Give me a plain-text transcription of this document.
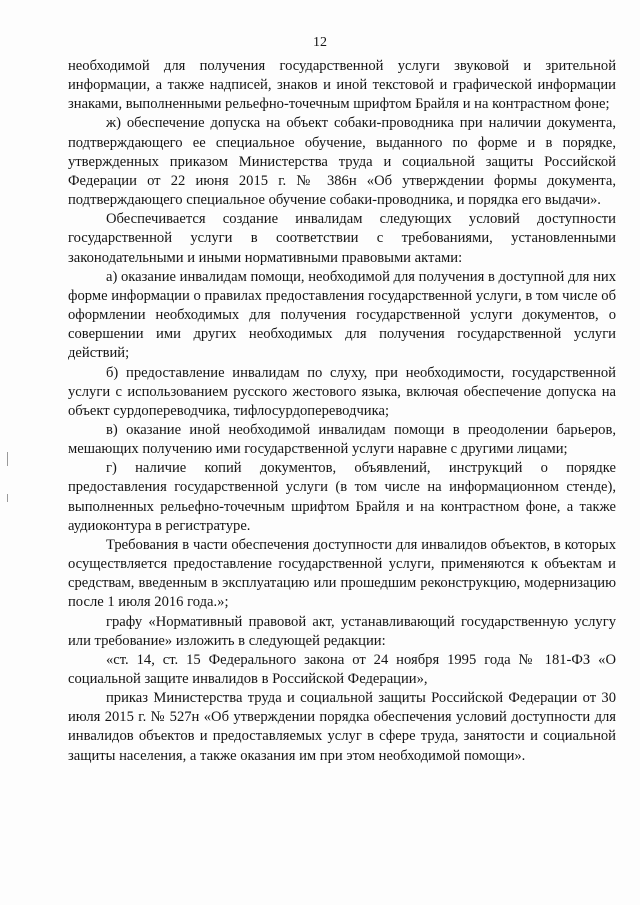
12

необходимой для получения государственной услуги звуковой и зрительной информации, а также надписей, знаков и иной текстовой и графической информации знаками, выполненными рельефно-точечным шрифтом Брайля и на контрастном фоне;

ж) обеспечение допуска на объект собаки-проводника при наличии документа, подтверждающего ее специальное обучение, выданного по форме и в порядке, утвержденных приказом Министерства труда и социальной защиты Российской Федерации от 22 июня 2015 г. № 386н «Об утверждении формы документа, подтверждающего специальное обучение собаки-проводника, и порядка его выдачи».

Обеспечивается создание инвалидам следующих условий доступности государственной услуги в соответствии с требованиями, установленными законодательными и иными нормативными правовыми актами:

а) оказание инвалидам помощи, необходимой для получения в доступной для них форме информации о правилах предоставления государственной услуги, в том числе об оформлении необходимых для получения государственной услуги документов, о совершении ими других необходимых для получения государственной услуги действий;

б) предоставление инвалидам по слуху, при необходимости, государственной услуги с использованием русского жестового языка, включая обеспечение допуска на объект сурдопереводчика, тифлосурдопереводчика;

в) оказание иной необходимой инвалидам помощи в преодолении барьеров, мешающих получению ими государственной услуги наравне с другими лицами;

г) наличие копий документов, объявлений, инструкций о порядке предоставления государственной услуги (в том числе на информационном стенде), выполненных рельефно-точечным шрифтом Брайля и на контрастном фоне, а также аудиоконтура в регистратуре.

Требования в части обеспечения доступности для инвалидов объектов, в которых осуществляется предоставление государственной услуги, применяются к объектам и средствам, введенным в эксплуатацию или прошедшим реконструкцию, модернизацию после 1 июля 2016 года.»;

графу «Нормативный правовой акт, устанавливающий государственную услугу или требование» изложить в следующей редакции:

«ст. 14, ст. 15 Федерального закона от 24 ноября 1995 года № 181-ФЗ «О социальной защите инвалидов в Российской Федерации»,

приказ Министерства труда и социальной защиты Российской Федерации от 30 июля 2015 г. № 527н «Об утверждении порядка обеспечения условий доступности для инвалидов объектов и предоставляемых услуг в сфере труда, занятости и социальной защиты населения, а также оказания им при этом необходимой помощи».
